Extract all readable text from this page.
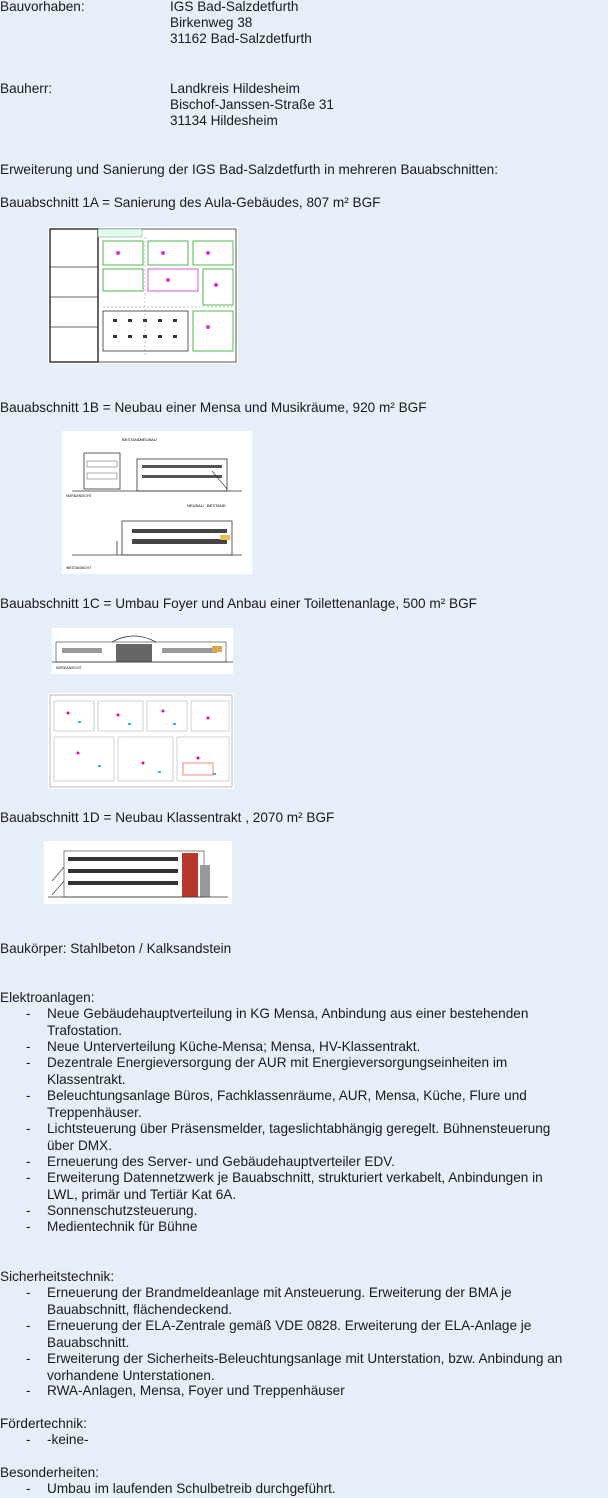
Bauvorhaben:	IGS Bad-Salzdetfurth
Birkenweg 38
31162 Bad-Salzdetfurth
Bauherr:	Landkreis Hildesheim
Bischof-Janssen-Straße 31
31134 Hildesheim
Erweiterung und Sanierung der IGS Bad-Salzdetfurth in mehreren Bauabschnitten:
Bauabschnitt 1A = Sanierung des Aula-Gebäudes, 807 m² BGF
Bauabschnitt 1B = Neubau einer Mensa und Musikräume, 920 m² BGF
BESTAND NEUBAU
NORDANSICHT
NEUBAU BESTAND
WESTANSICHT
Bauabschnitt 1C = Umbau Foyer und Anbau einer Toilettenanlage, 500 m² BGF
NORDANSICHT
Bauabschnitt 1D = Neubau Klassentrakt , 2070 m² BGF
Baukörper: Stahlbeton / Kalksandstein
Elektroanlagen:
- Neue Gebäudehauptverteilung in KG Mensa, Anbindung aus einer bestehenden
Trafostation.
- Neue Unterverteilung Küche-Mensa; Mensa, HV-Klassentrakt.
- Dezentrale Energieversorgung der AUR mit Energieversorgungseinheiten im
Klassentrakt.
- Beleuchtungsanlage Büros, Fachklassenräume, AUR, Mensa, Küche, Flure und
Treppenhäuser.
- Lichtsteuerung über Präsensmelder, tageslichtabhängig geregelt. Bühnensteuerung
über DMX.
- Erneuerung des Server- und Gebäudehauptverteiler EDV.
- Erweiterung Datennetzwerk je Bauabschnitt, strukturiert verkabelt, Anbindungen in
LWL, primär und Tertiär Kat 6A.
- Sonnenschutzsteuerung.
- Medientechnik für Bühne
Sicherheitstechnik:
- Erneuerung der Brandmeldeanlage mit Ansteuerung. Erweiterung der BMA je
Bauabschnitt, flächendeckend.
- Erneuerung der ELA-Zentrale gemäß VDE 0828. Erweiterung der ELA-Anlage je
Bauabschnitt.
- Erweiterung der Sicherheits-Beleuchtungsanlage mit Unterstation, bzw. Anbindung an
vorhandene Unterstationen.
- RWA-Anlagen, Mensa, Foyer und Treppenhäuser
Fördertechnik:
- -keine-
Besonderheiten:
- Umbau im laufenden Schulbetreib durchgeführt.
